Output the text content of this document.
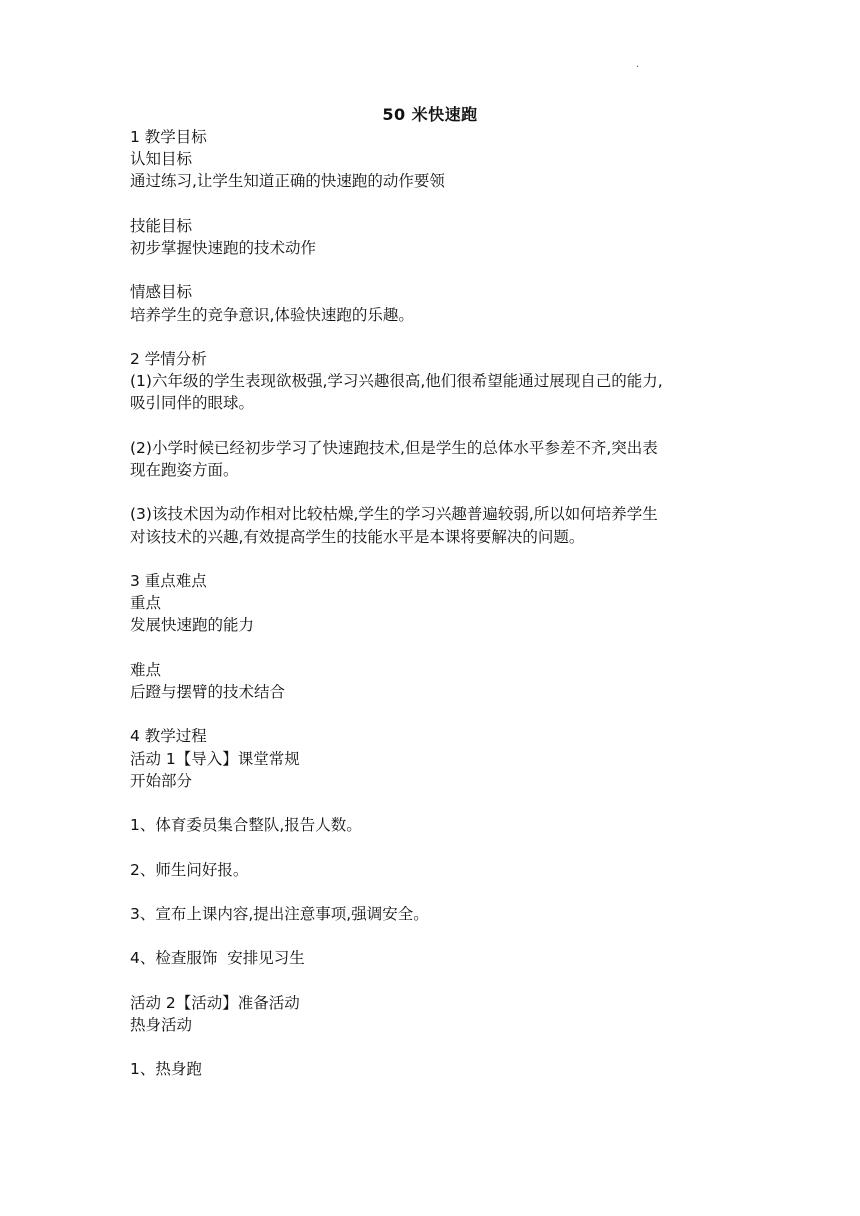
.
50 米快速跑
1 教学目标
认知目标
通过练习,让学生知道正确的快速跑的动作要领
技能目标
初步掌握快速跑的技术动作
情感目标
培养学生的竞争意识,体验快速跑的乐趣。
2 学情分析
(1)六年级的学生表现欲极强,学习兴趣很高,他们很希望能通过展现自己的能力,
吸引同伴的眼球。
(2)小学时候已经初步学习了快速跑技术,但是学生的总体水平参差不齐,突出表
现在跑姿方面。
(3)该技术因为动作相对比较枯燥,学生的学习兴趣普遍较弱,所以如何培养学生
对该技术的兴趣,有效提高学生的技能水平是本课将要解决的问题。
3 重点难点
重点
发展快速跑的能力
难点
后蹬与摆臂的技术结合
4 教学过程
活动 1【导入】课堂常规
开始部分
1、体育委员集合整队,报告人数。
2、师生问好报。
3、宣布上课内容,提出注意事项,强调安全。
4、检查服饰  安排见习生
活动 2【活动】准备活动
热身活动
1、热身跑
